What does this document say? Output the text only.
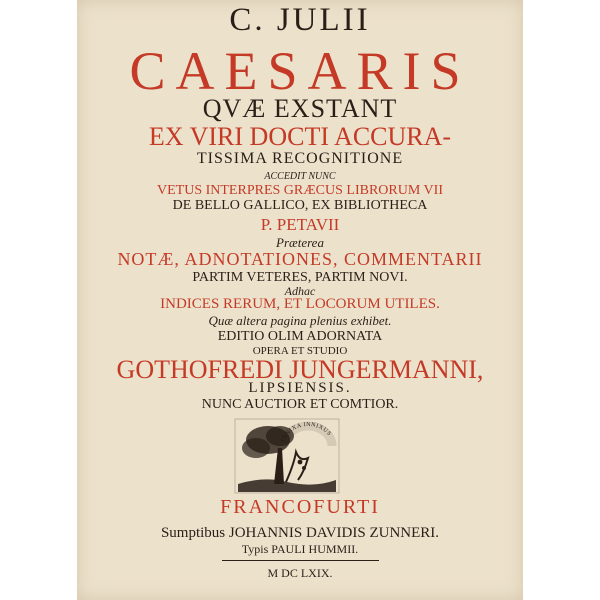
C. JULII
CAESARIS
QVÆ EXSTANT
EX VIRI DOCTI ACCURA-
TISSIMA RECOGNITIONE
ACCEDIT NUNC
VETUS INTERPRES GRÆCUS LIBRORUM VII
DE BELLO GALLICO, EX BIBLIOTHECA
P. PETAVII
Præterea
NOTÆ, ADNOTATIONES, COMMENTARII
PARTIM VETERES, PARTIM NOVI.
Adhac
INDICES RERUM, ET LOCORUM UTILES.
Quæ altera pagina plenius exhibet.
EDITIO OLIM ADORNATA
OPERA ET STUDIO
GOTHOFREDI JUNGERMANNI,
LIPSIENSIS.
NUNC AUCTIOR ET COMTIOR.
INNIXA INNIXUS
FRANCOFURTI
Sumptibus JOHANNIS DAVIDIS ZUNNERI.
Typis PAULI HUMMII.
M DC LXIX.
